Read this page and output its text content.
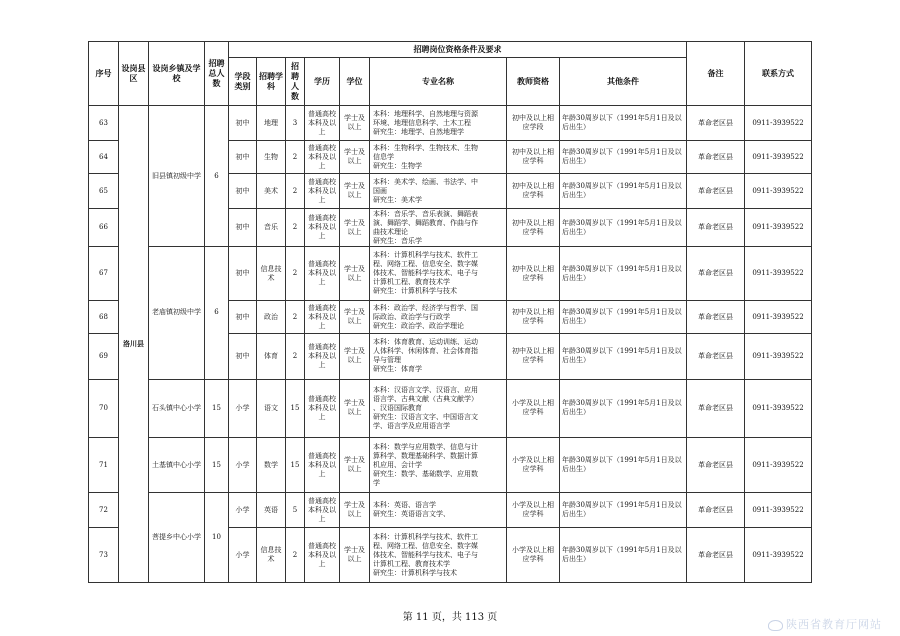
序号	设岗县区	设岗乡镇及学校	招聘总人数	招聘岗位资格条件及要求								备注	联系方式
				学段类别	招聘学科	招聘人数	学历	学位	专业名称	教师资格	其他条件		
63	洛川县	旧县镇初级中学	6	初中	地理	3	普通高校本科及以上	学士及以上	本科：地理科学、自然地理与资源
环境、地理信息科学、土木工程
研究生：地理学、自然地理学	初中及以上相应学段	年龄30周岁以下（1991年5月1日及以后出生）	革命老区县	0911-3939522
64				初中	生物	2	普通高校本科及以上	学士及以上	本科：生物科学、生物技术、生物
信息学
研究生：生物学	初中及以上相应学科	年龄30周岁以下（1991年5月1日及以后出生）	革命老区县	0911-3939522
65				初中	美术	2	普通高校本科及以上	学士及以上	本科：美术学、绘画、书法学、中
国画
研究生：美术学	初中及以上相应学科	年龄30周岁以下（1991年5月1日及以后出生）	革命老区县	0911-3939522
66				初中	音乐	2	普通高校本科及以上	学士及以上	本科：音乐学、音乐表演、舞蹈表
演、舞蹈学、舞蹈教育、作曲与作
曲技术理论
研究生：音乐学	初中及以上相应学科	年龄30周岁以下（1991年5月1日及以后出生）	革命老区县	0911-3939522
67		老庙镇初级中学	6	初中	信息技术	2	普通高校本科及以上	学士及以上	本科：计算机科学与技术、软件工
程、网络工程、信息安全、数字媒
体技术、智能科学与技术、电子与
计算机工程、教育技术学
研究生：计算机科学与技术	初中及以上相应学科	年龄30周岁以下（1991年5月1日及以后出生）	革命老区县	0911-3939522
68				初中	政治	2	普通高校本科及以上	学士及以上	本科：政治学、经济学与哲学、国
际政治、政治学与行政学
研究生：政治学、政治学理论	初中及以上相应学科	年龄30周岁以下（1991年5月1日及以后出生）	革命老区县	0911-3939522
69				初中	体育	2	普通高校本科及以上	学士及以上	本科：体育教育、运动训练、运动
人体科学、休闲体育、社会体育指
导与管理
研究生：体育学	初中及以上相应学科	年龄30周岁以下（1991年5月1日及以后出生）	革命老区县	0911-3939522
70		石头镇中心小学	15	小学	语文	15	普通高校本科及以上	学士及以上	本科：汉语言文学、汉语言、应用
语言学、古典文献（古典文献学）
、汉语国际教育
研究生：汉语言文字、中国语言文
学、语言学及应用语言学	小学及以上相应学科	年龄30周岁以下（1991年5月1日及以后出生）	革命老区县	0911-3939522
71		土基镇中心小学	15	小学	数学	15	普通高校本科及以上	学士及以上	本科：数学与应用数学、信息与计
算科学、数理基础科学、数据计算
机应用、会计学
研究生：数学、基础数学、应用数
学	小学及以上相应学科	年龄30周岁以下（1991年5月1日及以后出生）	革命老区县	0911-3939522
72		菩提乡中心小学	10	小学	英语	5	普通高校本科及以上	学士及以上	本科：英语、语言学
研究生：英语语言文学、	小学及以上相应学科	年龄30周岁以下（1991年5月1日及以后出生）	革命老区县	0911-3939522
73				小学	信息技术	2	普通高校本科及以上	学士及以上	本科：计算机科学与技术、软件工
程、网络工程、信息安全、数字媒
体技术、智能科学与技术、电子与
计算机工程、教育技术学
研究生：计算机科学与技术	小学及以上相应学科	年龄30周岁以下（1991年5月1日及以后出生）	革命老区县	0911-3939522
第 11 页，共 113 页
陕西省教育厅网站
